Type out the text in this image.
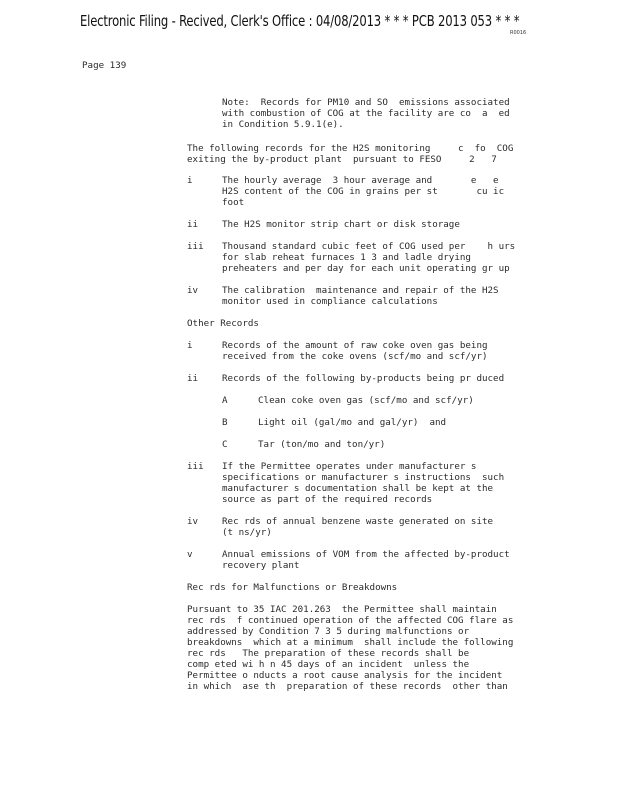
Electronic Filing - Recived, Clerk's Office : 04/08/2013 * * * PCB 2013 053 * * *
R0016
Page 139
Note:  Records for PM10 and SO  emissions associated
with combustion of COG at the facility are co  a  ed
in Condition 5.9.1(e).
The following records for the H2S monitoring     c  fo  COG
exiting the by-product plant  pursuant to FESO     2   7
i	The hourly average  3 hour average and       e   e
H2S content of the COG in grains per st       cu ic
foot
ii	The H2S monitor strip chart or disk storage
iii Thousand standard cubic feet of COG used per    h urs
for slab reheat furnaces 1 3 and ladle drying
preheaters and per day for each unit operating gr up
iv	The calibration  maintenance and repair of the H2S
monitor used in compliance calculations
Other Records
i	Records of the amount of raw coke oven gas being
received from the coke ovens (scf/mo and scf/yr)
ii	Records of the following by-products being pr duced
A	Clean coke oven gas (scf/mo and scf/yr)
B	Light oil (gal/mo and gal/yr)  and
C	Tar (ton/mo and ton/yr)
iii If the Permittee operates under manufacturer s
specifications or manufacturer s instructions  such
manufacturer s documentation shall be kept at the
source as part of the required records
iv	Rec rds of annual benzene waste generated on site
(t ns/yr)
v	Annual emissions of VOM from the affected by-product
recovery plant
Rec rds for Malfunctions or Breakdowns
Pursuant to 35 IAC 201.263  the Permittee shall maintain
rec rds  f continued operation of the affected COG flare as
addressed by Condition 7 3 5 during malfunctions or
breakdowns  which at a minimum  shall include the following
rec rds   The preparation of these records shall be
comp eted wi h n 45 days of an incident  unless the
Permittee o nducts a root cause analysis for the incident
in which  ase th  preparation of these records  other than
